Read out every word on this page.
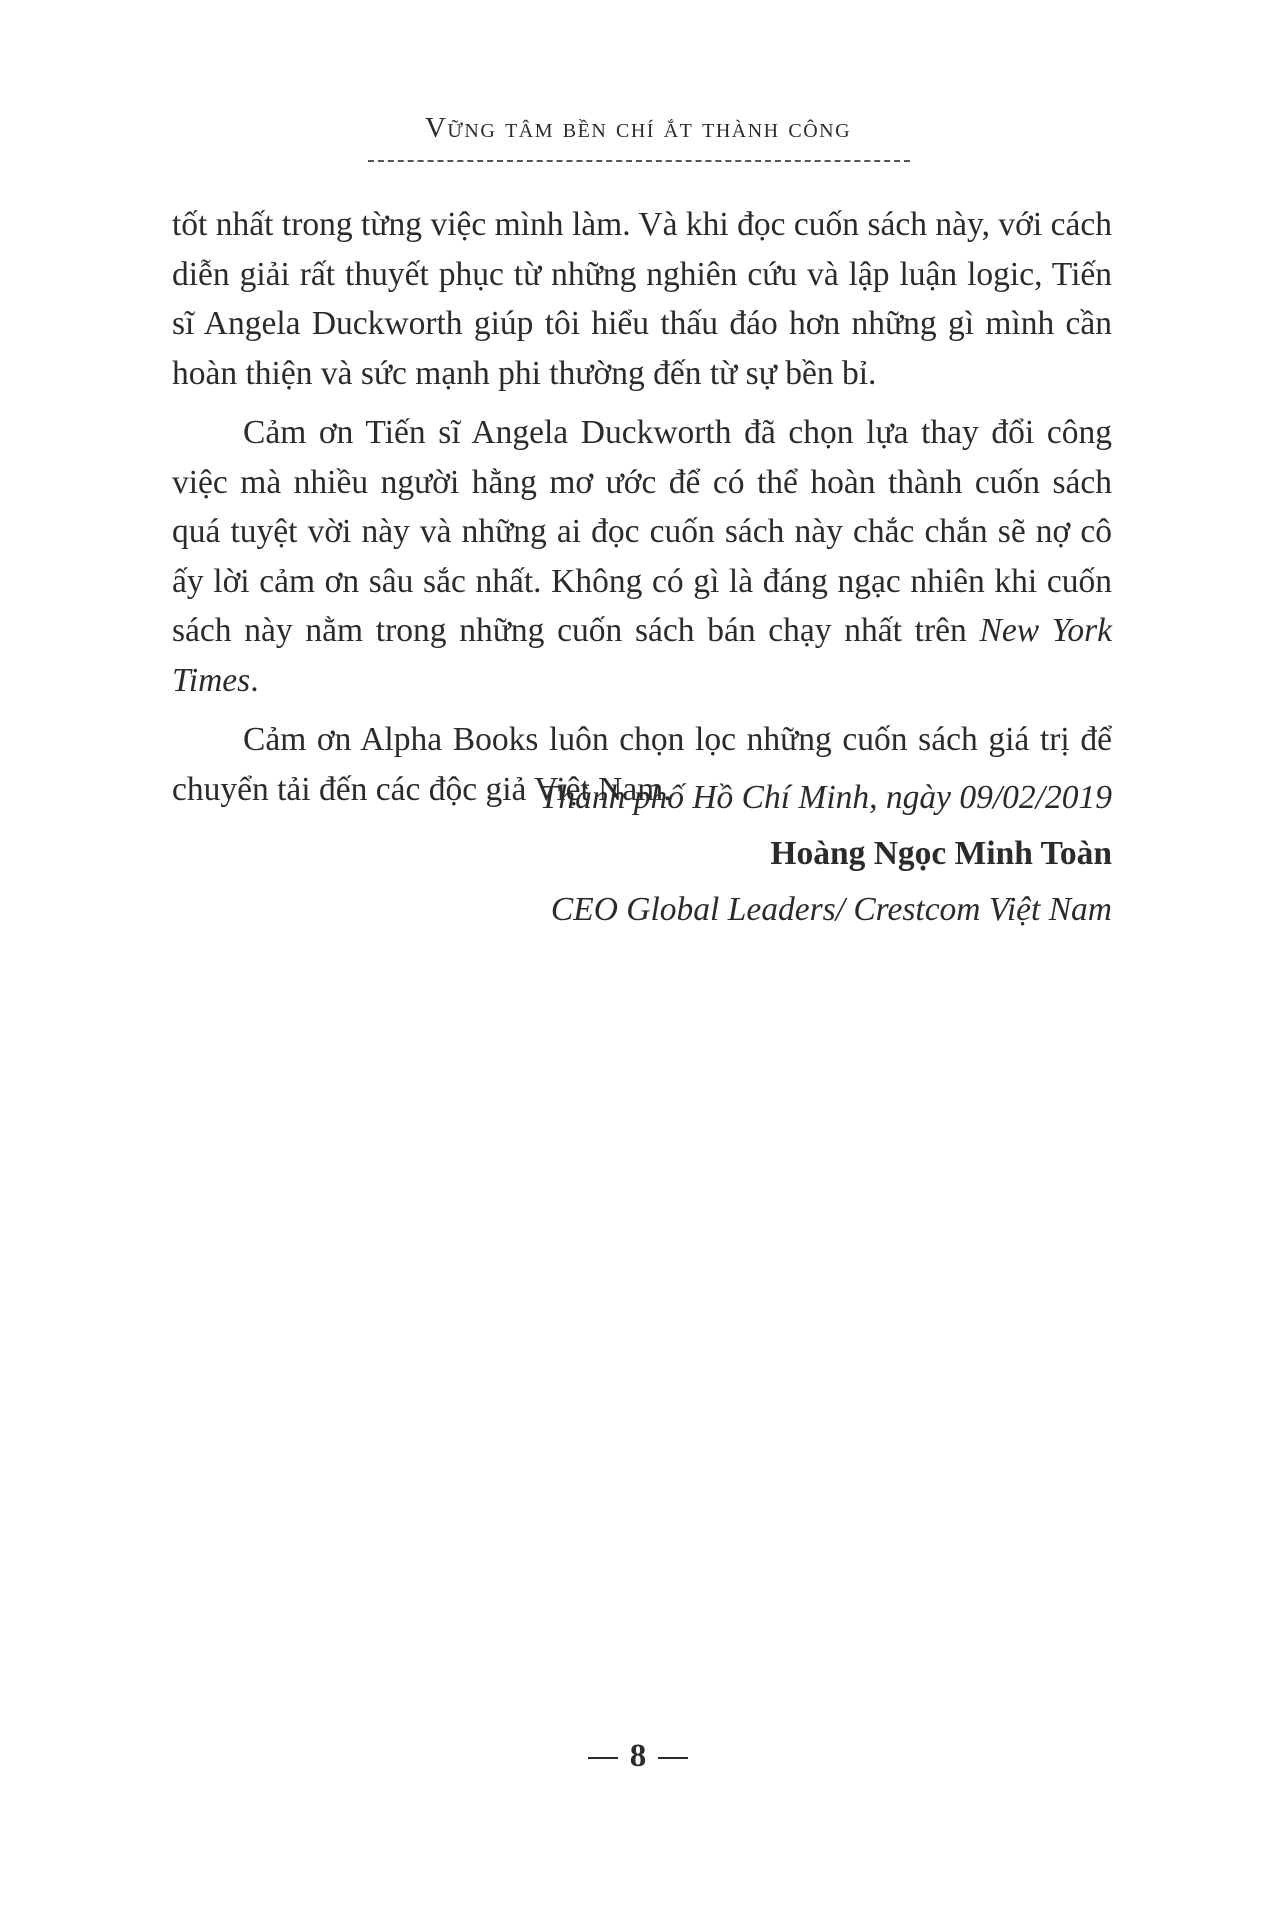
Vững tâm bền chí ắt thành công

tốt nhất trong từng việc mình làm. Và khi đọc cuốn sách này, với cách diễn giải rất thuyết phục từ những nghiên cứu và lập luận logic, Tiến sĩ Angela Duckworth giúp tôi hiểu thấu đáo hơn những gì mình cần hoàn thiện và sức mạnh phi thường đến từ sự bền bỉ.

Cảm ơn Tiến sĩ Angela Duckworth đã chọn lựa thay đổi công việc mà nhiều người hằng mơ ước để có thể hoàn thành cuốn sách quá tuyệt vời này và những ai đọc cuốn sách này chắc chắn sẽ nợ cô ấy lời cảm ơn sâu sắc nhất. Không có gì là đáng ngạc nhiên khi cuốn sách này nằm trong những cuốn sách bán chạy nhất trên New York Times.

Cảm ơn Alpha Books luôn chọn lọc những cuốn sách giá trị để chuyển tải đến các độc giả Việt Nam.

Thành phố Hồ Chí Minh, ngày 09/02/2019
Hoàng Ngọc Minh Toàn
CEO Global Leaders/ Crestcom Việt Nam
8
